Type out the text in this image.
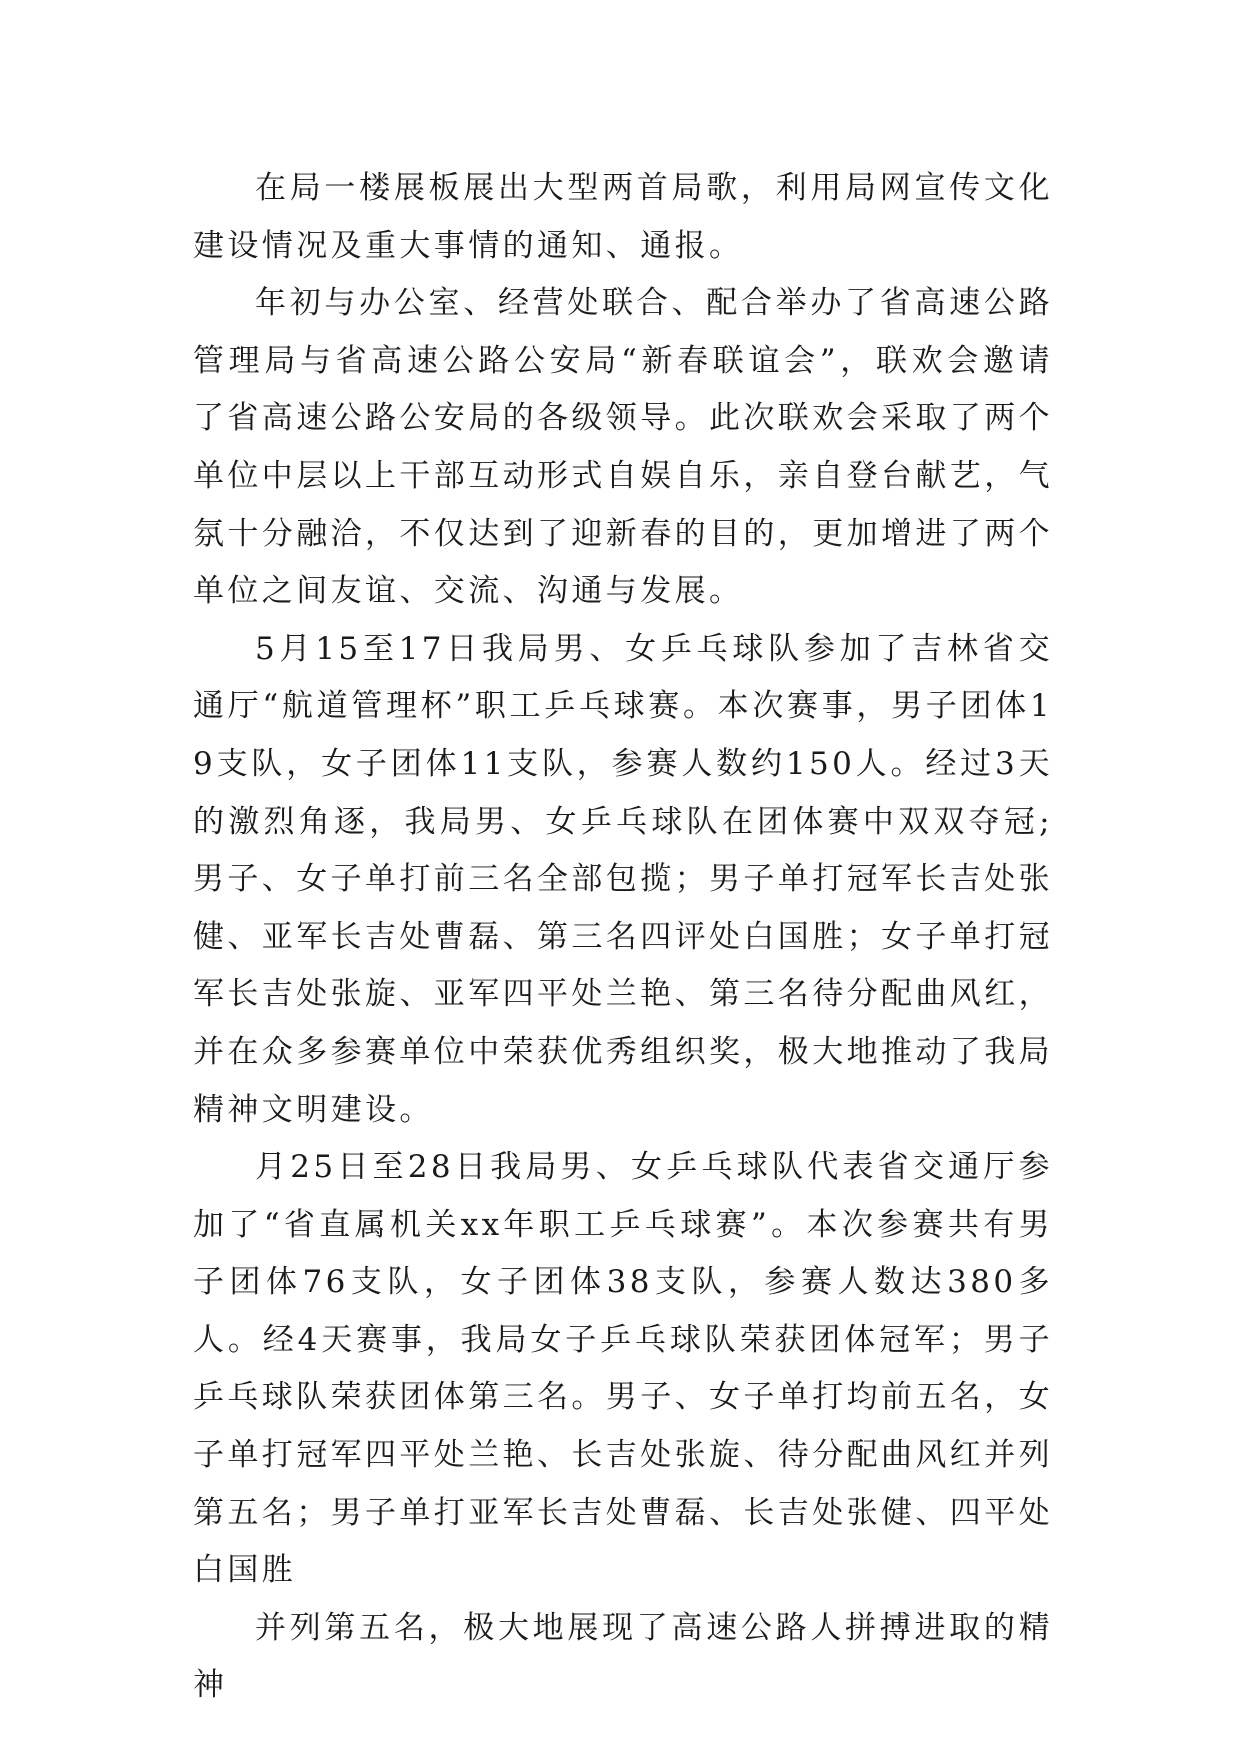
在局一楼展板展出大型两首局歌，利用局网宣传文化建设情况及重大事情的通知、通报。

年初与办公室、经营处联合、配合举办了省高速公路管理局与省高速公路公安局“新春联谊会”，联欢会邀请了省高速公路公安局的各级领导。此次联欢会采取了两个单位中层以上干部互动形式自娱自乐，亲自登台献艺，气氛十分融洽，不仅达到了迎新春的目的，更加增进了两个单位之间友谊、交流、沟通与发展。

5月15至17日我局男、女乒乓球队参加了吉林省交通厅“航道管理杯”职工乒乓球赛。本次赛事，男子团体19支队，女子团体11支队，参赛人数约150人。经过3天的激烈角逐，我局男、女乒乓球队在团体赛中双双夺冠;男子、女子单打前三名全部包揽；男子单打冠军长吉处张健、亚军长吉处曹磊、第三名四评处白国胜；女子单打冠军长吉处张旋、亚军四平处兰艳、第三名待分配曲风红，并在众多参赛单位中荣获优秀组织奖，极大地推动了我局精神文明建设。

月25日至28日我局男、女乒乓球队代表省交通厅参加了“省直属机关xx年职工乒乓球赛”。本次参赛共有男子团体76支队，女子团体38支队，参赛人数达380多人。经4天赛事，我局女子乒乓球队荣获团体冠军；男子乒乓球队荣获团体第三名。男子、女子单打均前五名，女子单打冠军四平处兰艳、长吉处张旋、待分配曲风红并列第五名；男子单打亚军长吉处曹磊、长吉处张健、四平处白国胜

并列第五名，极大地展现了高速公路人拼搏进取的精神
